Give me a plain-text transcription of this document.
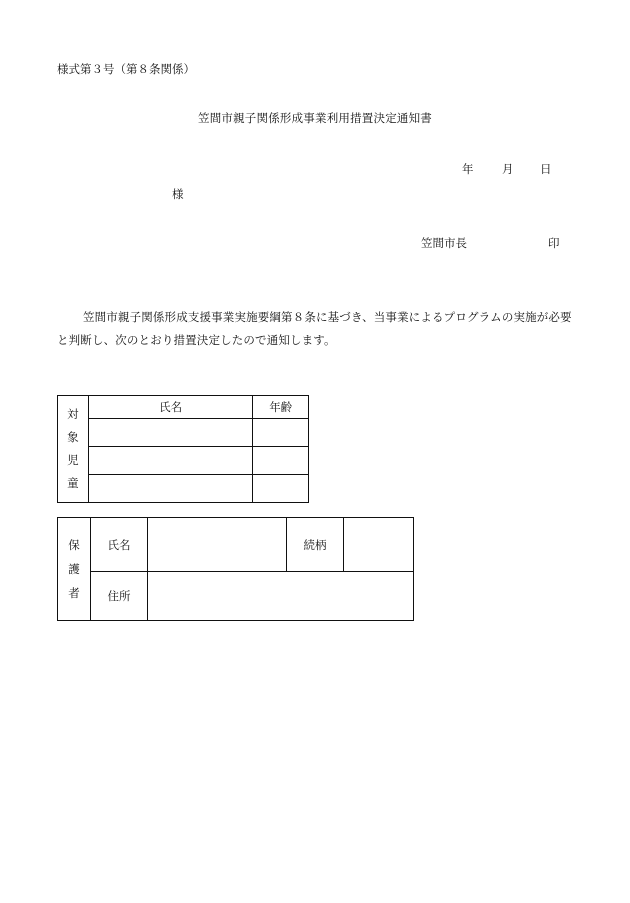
様式第３号（第８条関係）
笠間市親子関係形成事業利用措置決定通知書
年 月 日
様
笠間市長	印
笠間市親子関係形成支援事業実施要綱第８条に基づき、当事業によるプログラムの実施が必要と判断し、次のとおり措置決定したので通知します。
対
象
児
童	氏名	年齢

保
護
者	氏名		続柄	
	住所			
